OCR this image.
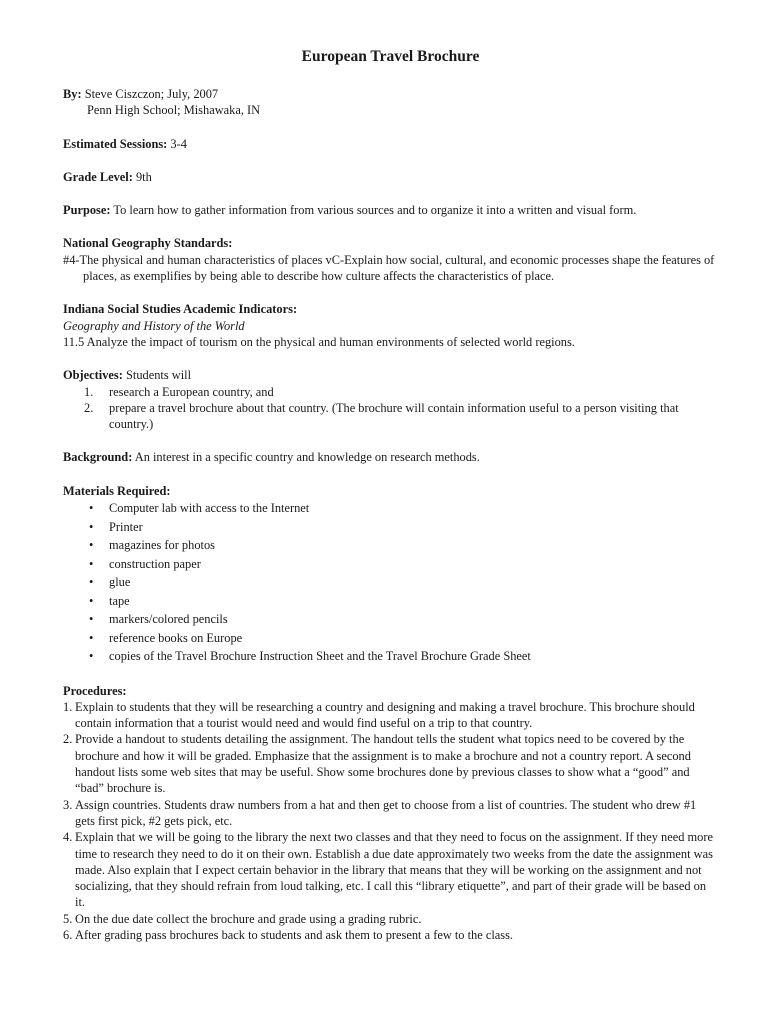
European Travel Brochure
By: Steve Ciszczon; July, 2007
Penn High School; Mishawaka, IN
Estimated Sessions: 3-4
Grade Level: 9th
Purpose: To learn how to gather information from various sources and to organize it into a written and visual form.
National Geography Standards:
#4-The physical and human characteristics of places vC-Explain how social, cultural, and economic processes shape the features of places, as exemplifies by being able to describe how culture affects the characteristics of place.
Indiana Social Studies Academic Indicators:
Geography and History of the World
11.5 Analyze the impact of tourism on the physical and human environments of selected world regions.
Objectives: Students will
1. research a European country, and
2. prepare a travel brochure about that country. (The brochure will contain information useful to a person visiting that country.)
Background: An interest in a specific country and knowledge on research methods.
Materials Required:
• Computer lab with access to the Internet
• Printer
• magazines for photos
• construction paper
• glue
• tape
• markers/colored pencils
• reference books on Europe
• copies of the Travel Brochure Instruction Sheet and the Travel Brochure Grade Sheet
Procedures:
1. Explain to students that they will be researching a country and designing and making a travel brochure. This brochure should contain information that a tourist would need and would find useful on a trip to that country.
2. Provide a handout to students detailing the assignment. The handout tells the student what topics need to be covered by the brochure and how it will be graded. Emphasize that the assignment is to make a brochure and not a country report. A second handout lists some web sites that may be useful. Show some brochures done by previous classes to show what a “good” and “bad” brochure is.
3. Assign countries. Students draw numbers from a hat and then get to choose from a list of countries. The student who drew #1 gets first pick, #2 gets pick, etc.
4. Explain that we will be going to the library the next two classes and that they need to focus on the assignment. If they need more time to research they need to do it on their own. Establish a due date approximately two weeks from the date the assignment was made. Also explain that I expect certain behavior in the library that means that they will be working on the assignment and not socializing, that they should refrain from loud talking, etc. I call this “library etiquette”, and part of their grade will be based on it.
5. On the due date collect the brochure and grade using a grading rubric.
6. After grading pass brochures back to students and ask them to present a few to the class.
